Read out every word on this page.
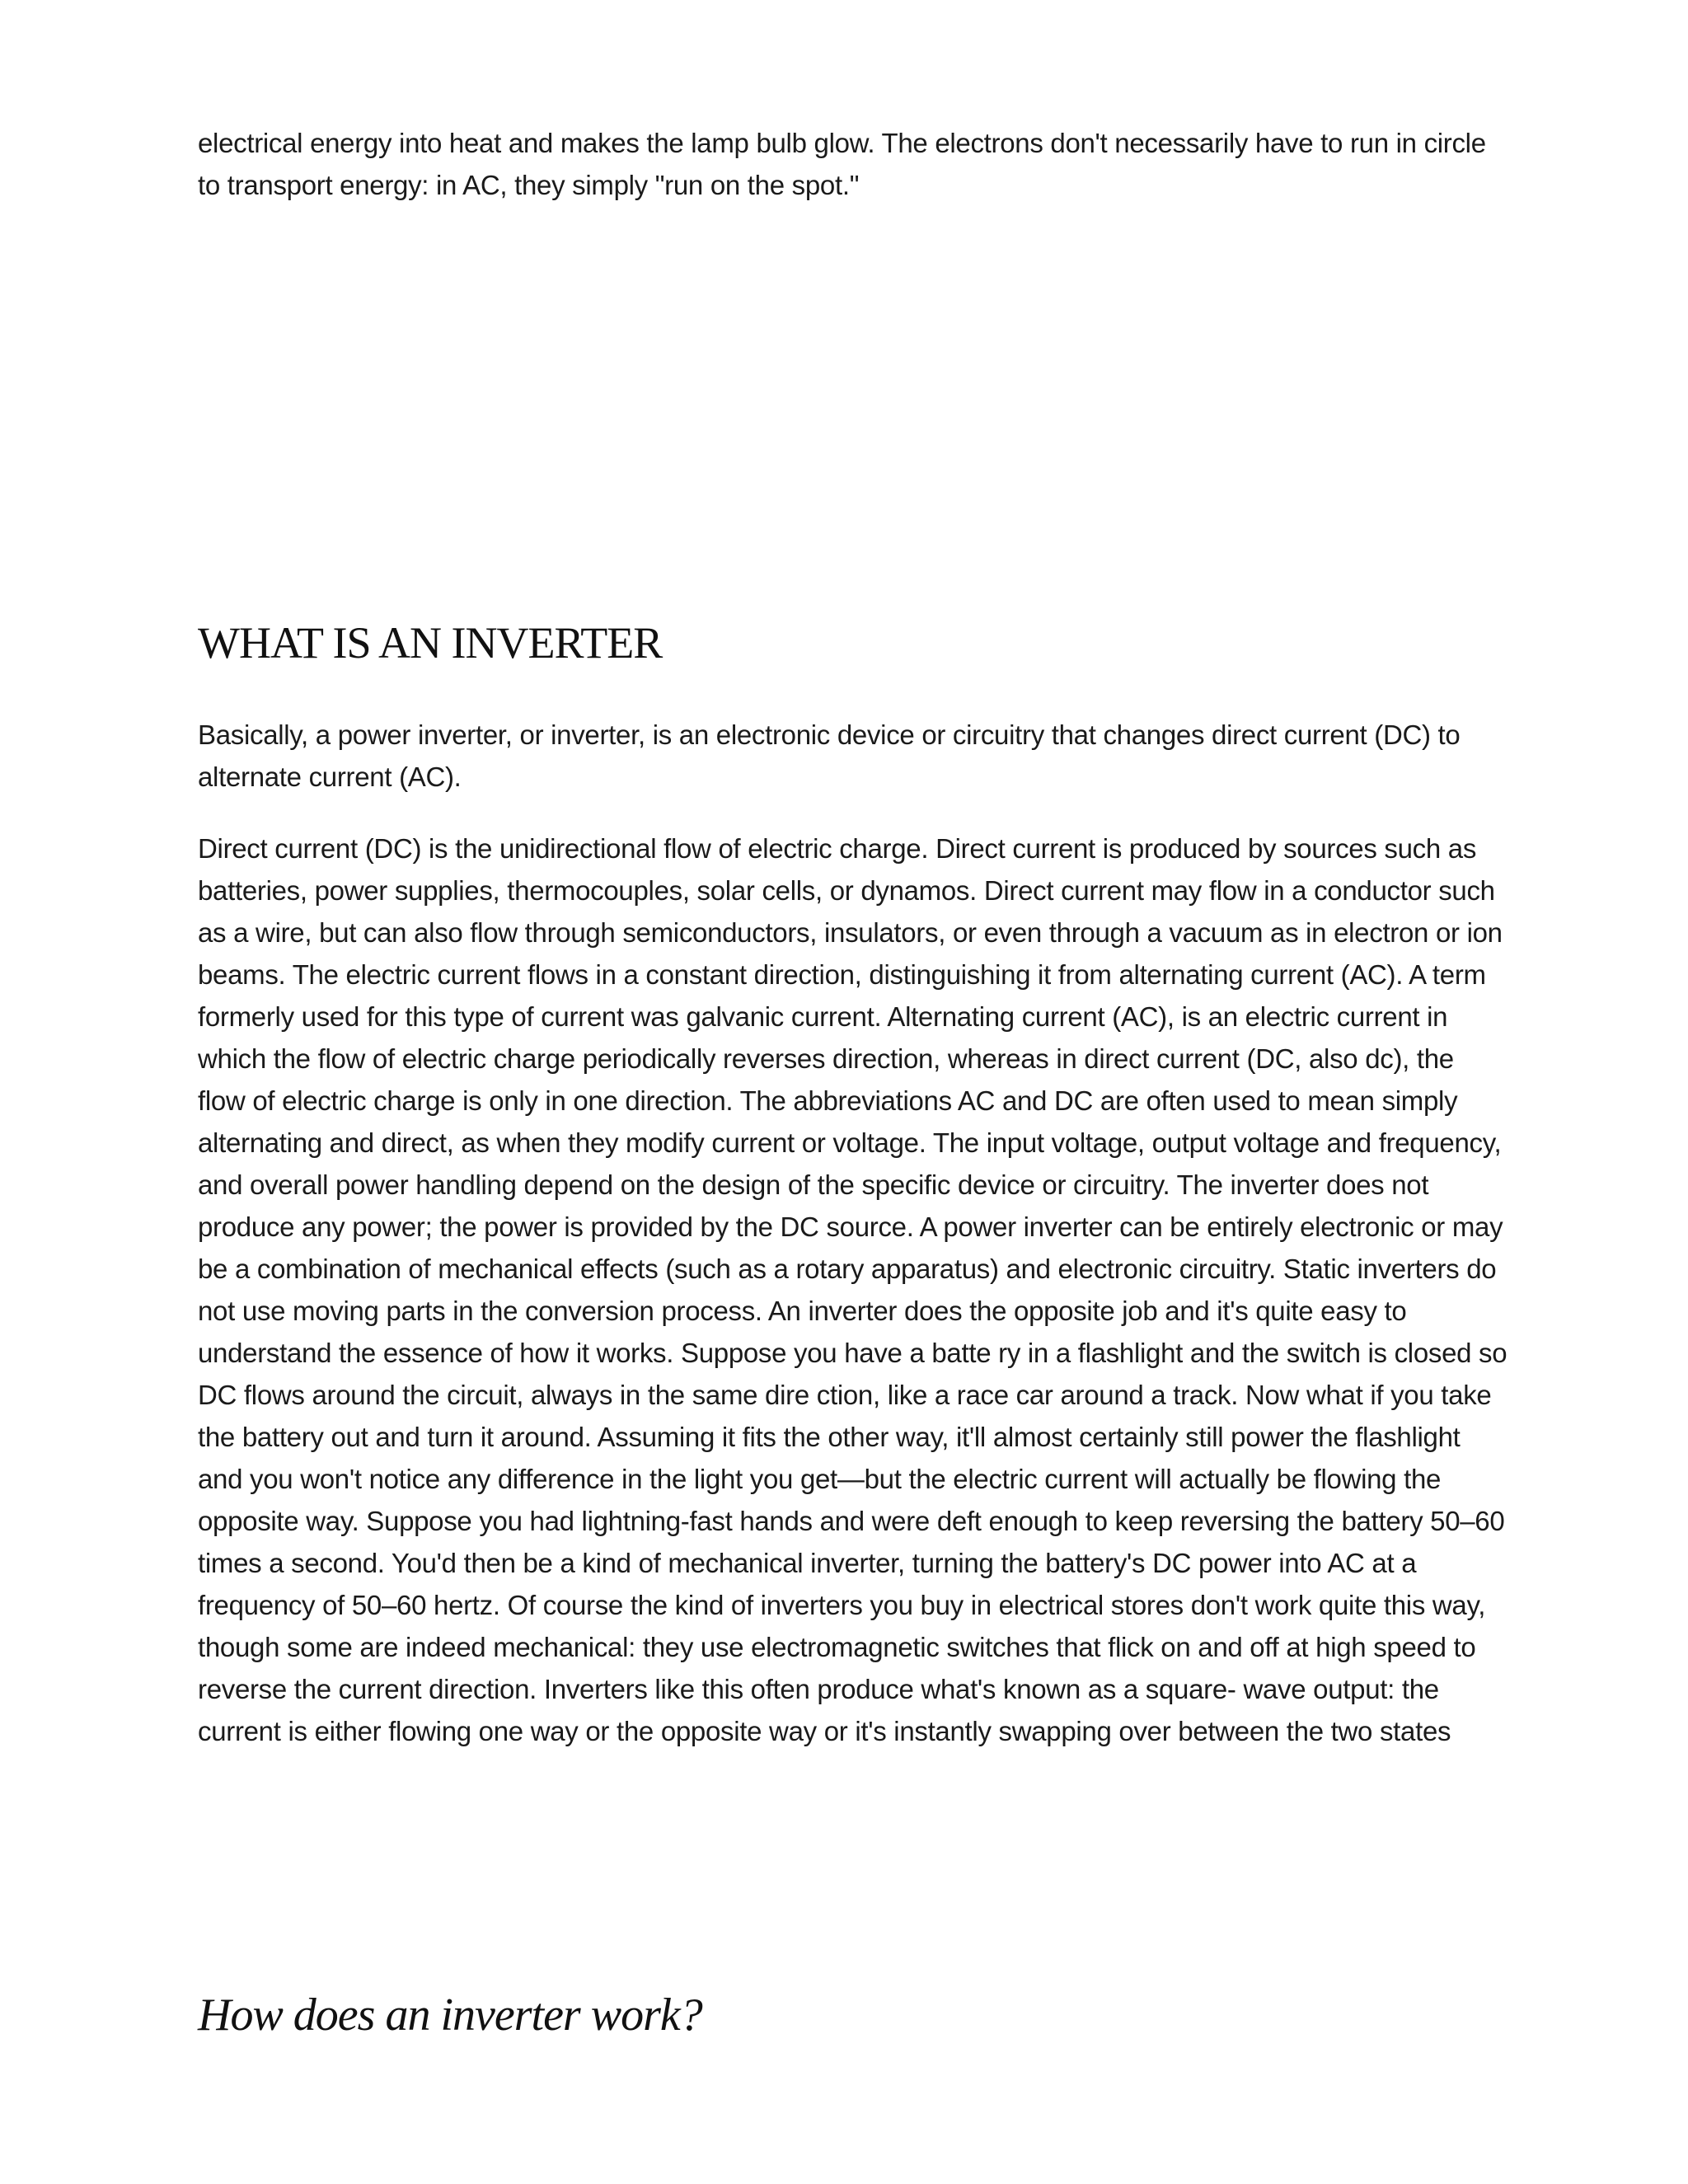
electrical energy into heat and makes the lamp bulb glow. The electrons don't necessarily have to run in circle to transport energy: in AC, they simply "run on the spot."

WHAT IS AN INVERTER

Basically, a power inverter, or inverter, is an electronic device or circuitry that changes direct current (DC) to alternate current (AC).

Direct current (DC) is the unidirectional flow of electric charge. Direct current is produced by sources such as batteries, power supplies, thermocouples, solar cells, or dynamos. Direct current may flow in a conductor such as a wire, but can also flow through semiconductors, insulators, or even through a vacuum as in electron or ion beams. The electric current flows in a constant direction, distinguishing it from alternating current (AC). A term formerly used for this type of current was galvanic current. Alternating current (AC), is an electric current in which the flow of electric charge periodically reverses direction, whereas in direct current (DC, also dc), the flow of electric charge is only in one direction. The abbreviations AC and DC are often used to mean simply alternating and direct, as when they modify current or voltage. The input voltage, output voltage and frequency, and overall power handling depend on the design of the specific device or circuitry. The inverter does not produce any power; the power is provided by the DC source. A power inverter can be entirely electronic or may be a combination of mechanical effects (such as a rotary apparatus) and electronic circuitry. Static inverters do not use moving parts in the conversion process. An inverter does the opposite job and it's quite easy to understand the essence of how it works. Suppose you have a batte ry in a flashlight and the switch is closed so DC flows around the circuit, always in the same dire ction, like a race car around a track. Now what if you take the battery out and turn it around. Assuming it fits the other way, it'll almost certainly still power the flashlight and you won't notice any difference in the light you get—but the electric current will actually be flowing the opposite way. Suppose you had lightning-fast hands and were deft enough to keep reversing the battery 50–60 times a second. You'd then be a kind of mechanical inverter, turning the battery's DC power into AC at a frequency of 50–60 hertz. Of course the kind of inverters you buy in electrical stores don't work quite this way, though some are indeed mechanical: they use electromagnetic switches that flick on and off at high speed to reverse the current direction. Inverters like this often produce what's known as a square- wave output: the current is either flowing one way or the opposite way or it's instantly swapping over between the two states

How does an inverter work?
